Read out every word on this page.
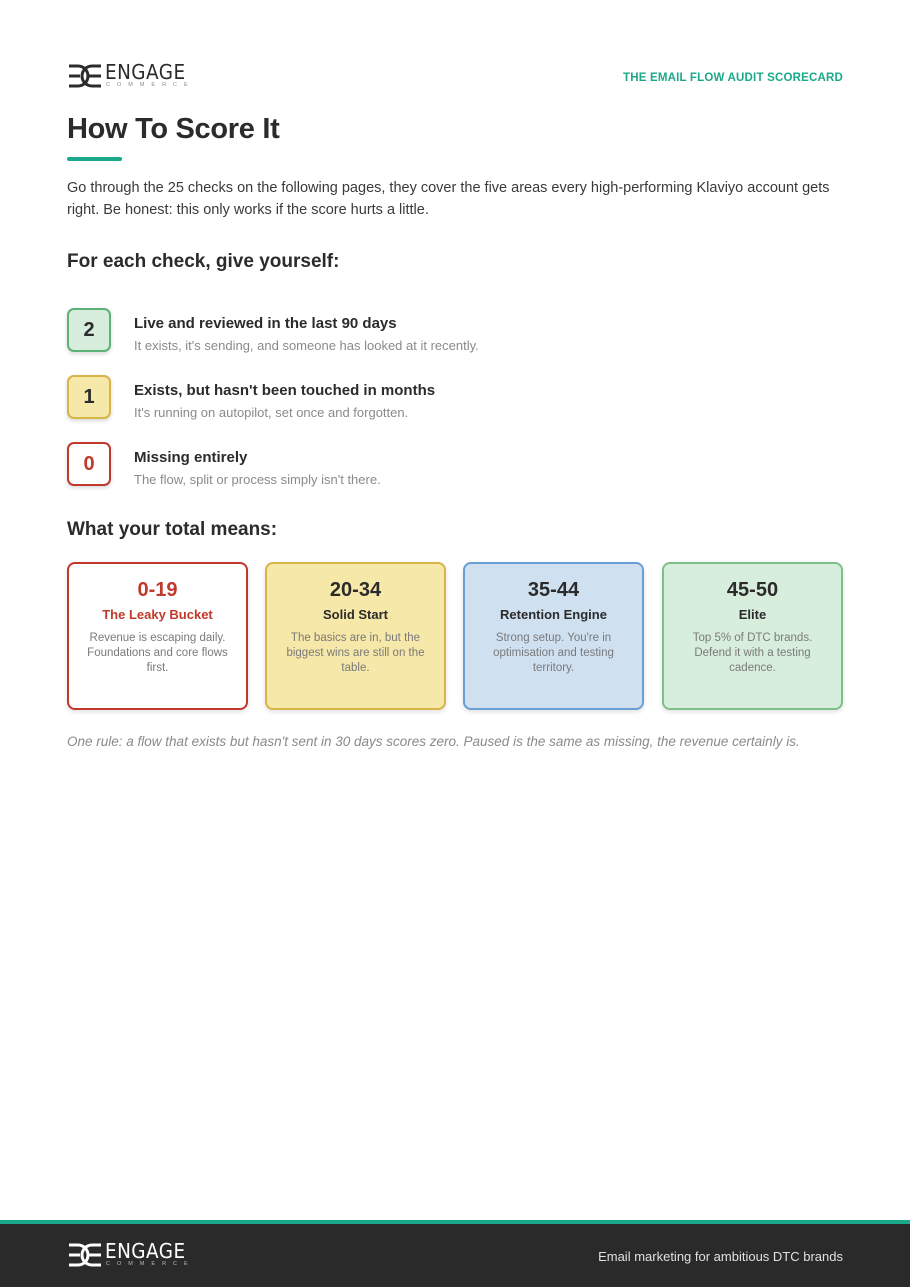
ENGAGE
COMMERCE
THE EMAIL FLOW AUDIT SCORECARD
How To Score It

Go through the 25 checks on the following pages, they cover the five areas every high-performing Klaviyo account gets right. Be honest: this only works if the score hurts a little.

For each check, give yourself:
2	Live and reviewed in the last 90 days
It exists, it's sending, and someone has looked at it recently.
1	Exists, but hasn't been touched in months
It's running on autopilot, set once and forgotten.
0	Missing entirely
The flow, split or process simply isn't there.
What your total means:
0-19
The Leaky Bucket
Revenue is escaping daily. Foundations and core flows first.
20-34
Solid Start
The basics are in, but the biggest wins are still on the table.
35-44
Retention Engine
Strong setup. You're in optimisation and testing territory.
45-50
Elite
Top 5% of DTC brands. Defend it with a testing cadence.

One rule: a flow that exists but hasn't sent in 30 days scores zero. Paused is the same as missing, the revenue certainly is.

ENGAGE
COMMERCE	Email marketing for ambitious DTC brands
